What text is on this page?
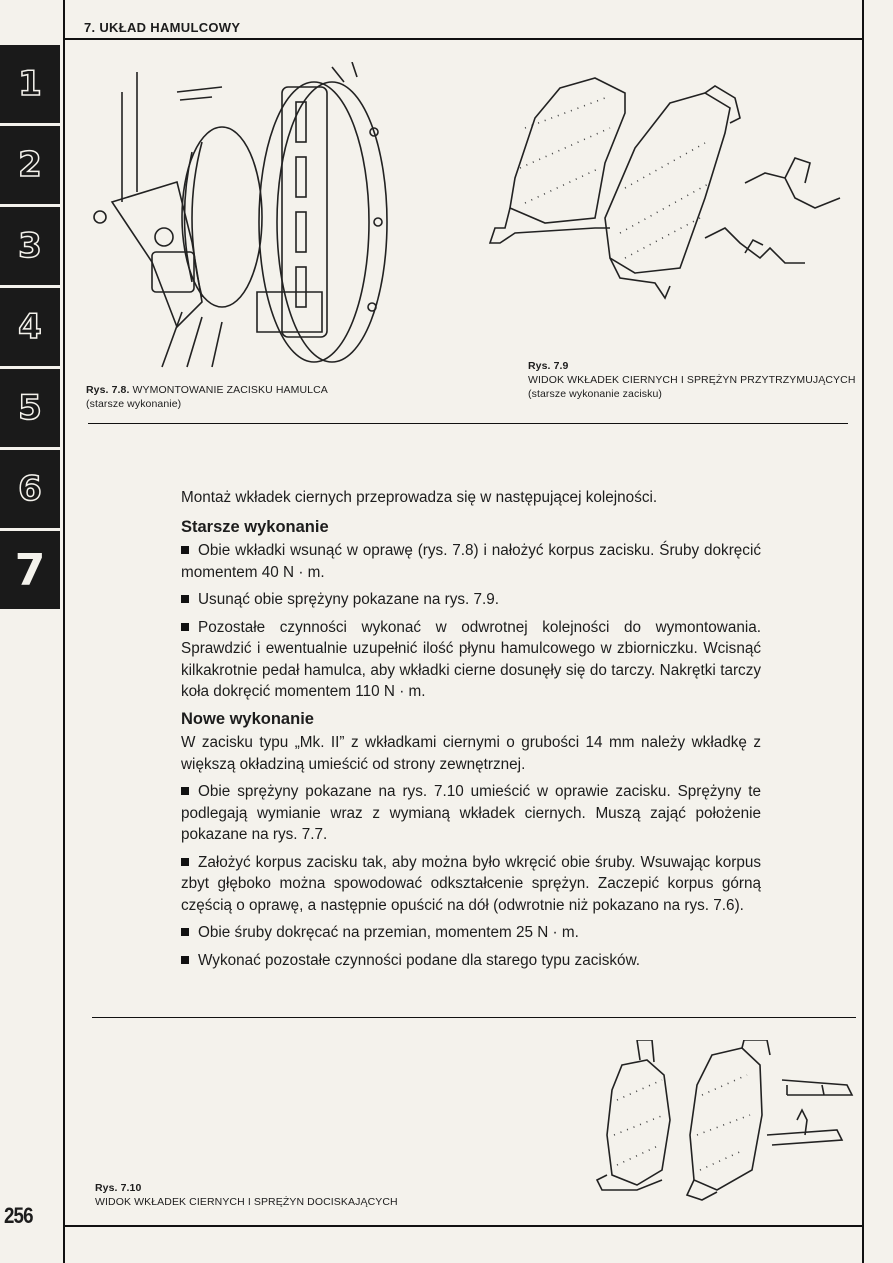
7. UKŁAD HAMULCOWY
1
2
3
4
5
6
7
256
Rys. 7.8. WYMONTOWANIE ZACISKU HAMULCA
(starsze wykonanie)
Rys. 7.9
WIDOK WKŁADEK CIERNYCH I SPRĘŻYN PRZYTRZYMUJĄCYCH
(starsze wykonanie zacisku)

Montaż wkładek ciernych przeprowadza się w następującej kolejności.

Starsze wykonanie

Obie wkładki wsunąć w oprawę (rys. 7.8) i nałożyć korpus zacisku. Śruby dokręcić momentem 40 N · m.

Usunąć obie sprężyny pokazane na rys. 7.9.

Pozostałe czynności wykonać w odwrotnej kolejności do wymontowania. Sprawdzić i ewentualnie uzupełnić ilość płynu hamulcowego w zbiorniczku. Wcisnąć kilkakrotnie pedał hamulca, aby wkładki cierne dosunęły się do tarczy. Nakrętki tarczy koła dokręcić momentem 110 N · m.

Nowe wykonanie

W zacisku typu „Mk. II” z wkładkami ciernymi o grubości 14 mm należy wkładkę z większą okładziną umieścić od strony zewnętrznej.

Obie sprężyny pokazane na rys. 7.10 umieścić w oprawie zacisku. Sprężyny te podlegają wymianie wraz z wymianą wkładek ciernych. Muszą zająć położenie pokazane na rys. 7.7.

Założyć korpus zacisku tak, aby można było wkręcić obie śruby. Wsuwając korpus zbyt głęboko można spowodować odkształcenie sprężyn. Zaczepić korpus górną częścią o oprawę, a następnie opuścić na dół (odwrotnie niż pokazano na rys. 7.6).

Obie śruby dokręcać na przemian, momentem 25 N · m.

Wykonać pozostałe czynności podane dla starego typu zacisków.

Rys. 7.10
WIDOK WKŁADEK CIERNYCH I SPRĘŻYN DOCISKAJĄCYCH
